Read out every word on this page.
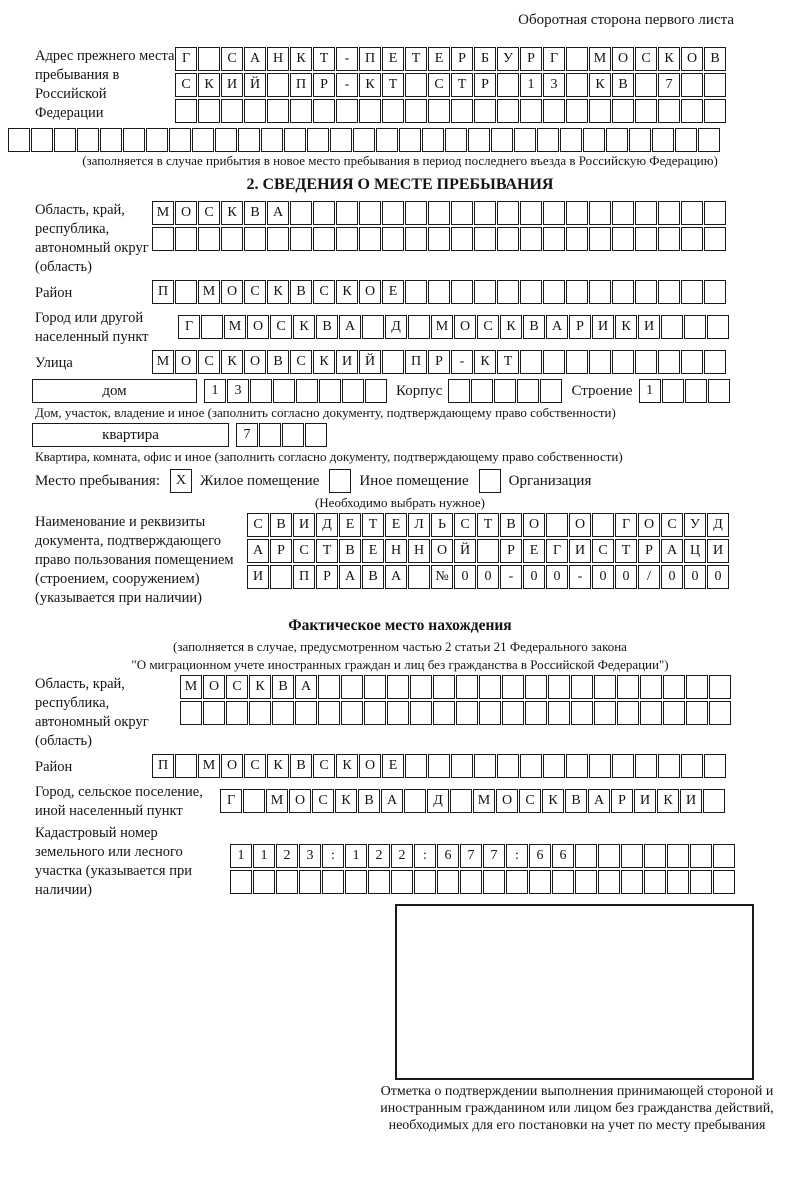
Оборотная сторона первого листа
Адрес прежнего места пребывания в Российской Федерации
Г	С А Н К	Т	-	П Е	Т	Е	Р	Б	У	Р	Г	М О С К О В
С К И Й	П	Р	-	К	Т	С	Т	Р	1	3	К В	7
(заполняется в случае прибытия в новое место пребывания в период последнего въезда в Российскую Федерацию)
2. СВЕДЕНИЯ О МЕСТЕ ПРЕБЫВАНИЯ
Область, край, республика, автономный округ (область)
М О С К В А
Район	П	М О С К В С К О Е
Город или другой населенный пункт
Г	М О С К В А	Д	М О С К В А	Р	И К И
Улица	М О С К О В С К И Й	П	Р	-	К	Т
дом	1	3	Корпус	Строение 1
Дом, участок, владение и иное (заполнить согласно документу, подтверждающему право собственности)
квартира	7
Квартира, комната, офис и иное (заполнить согласно документу, подтверждающему право собственности)
Место пребывания:	X Жилое помещение	Иное помещение	Организация
(Необходимо выбрать нужное)
Наименование и реквизиты документа, подтверждающего право пользования помещением (строением, сооружением) (указывается при наличии)
С В И Д Е	Т	Е Л	Ь	С	Т	В О	О	Г О С У Д
А	Р	С	Т	В	Е Н Н О Й	Р	Е	Г И С	Т	Р	А Ц И
И	П	Р	А В А	№ 0	0	-	0	0	-	0	0	/	0	0	0
Фактическое место нахождения
(заполняется в случае, предусмотренном частью 2 статьи 21 Федерального закона
"О миграционном учете иностранных граждан и лиц без гражданства в Российской Федерации")
Область, край, республика, автономный округ (область)
М О С К В А
Район	П	М О С К В С К О Е
Город, сельское поселение, иной населенный пункт
Г	М О С К В А	Д	М О С К В А	Р	И К И
Кадастровый номер земельного или лесного участка (указывается при наличии)
1	1	2	3	:	1	2	2	:	6	7	7	:	6	6
Отметка о подтверждении выполнения принимающей стороной и иностранным гражданином или лицом без гражданства действий, необходимых для его постановки на учет по месту пребывания
